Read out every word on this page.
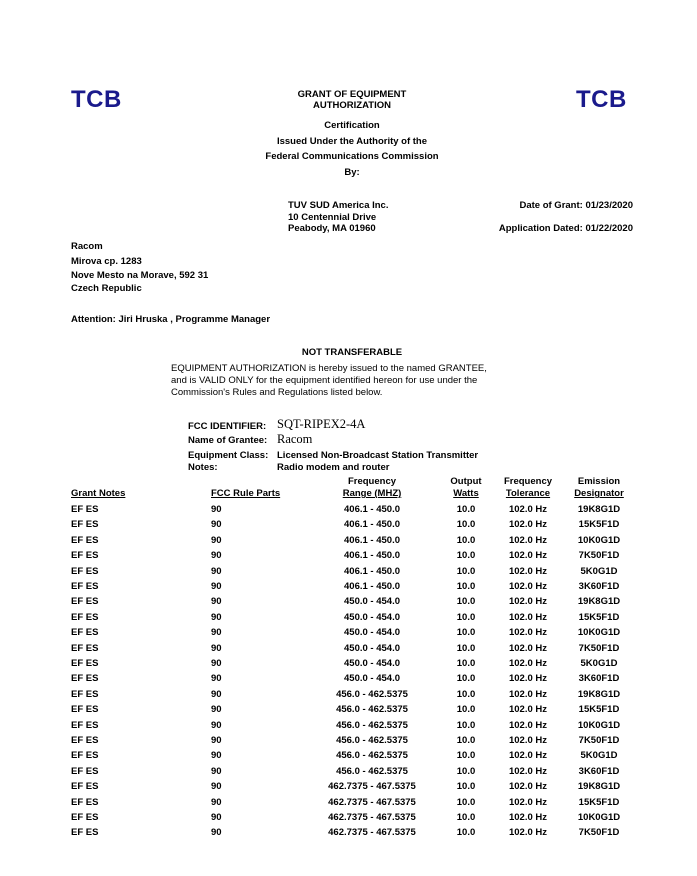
TCB	TCB
GRANT OF EQUIPMENT
AUTHORIZATION
Certification
Issued Under the Authority of the
Federal Communications Commission
By:
TUV SUD America Inc.
10 Centennial Drive
Peabody, MA 01960
Date of Grant: 01/23/2020
Application Dated: 01/22/2020
Racom
Mirova cp. 1283
Nove Mesto na Morave, 592 31
Czech Republic
Attention: Jiri Hruska , Programme Manager
NOT TRANSFERABLE
EQUIPMENT AUTHORIZATION is hereby issued to the named GRANTEE,
and is VALID ONLY for the equipment identified hereon for use under the
Commission's Rules and Regulations listed below.
FCC IDENTIFIER: SQT-RIPEX2-4A
Name of Grantee: Racom
Equipment Class: Licensed Non-Broadcast Station Transmitter
Notes:	Radio modem and router
Grant Notes	FCC Rule Parts
Frequency
Range (MHZ)
Output
Watts
Frequency
Tolerance
Emission
Designator
EF ES	90	406.1 - 450.0	10.0	102.0 Hz	19K8G1D
EF ES	90	406.1 - 450.0	10.0	102.0 Hz	15K5F1D
EF ES	90	406.1 - 450.0	10.0	102.0 Hz	10K0G1D
EF ES	90	406.1 - 450.0	10.0	102.0 Hz	7K50F1D
EF ES	90	406.1 - 450.0	10.0	102.0 Hz	5K0G1D
EF ES	90	406.1 - 450.0	10.0	102.0 Hz	3K60F1D
EF ES	90	450.0 - 454.0	10.0	102.0 Hz	19K8G1D
EF ES	90	450.0 - 454.0	10.0	102.0 Hz	15K5F1D
EF ES	90	450.0 - 454.0	10.0	102.0 Hz	10K0G1D
EF ES	90	450.0 - 454.0	10.0	102.0 Hz	7K50F1D
EF ES	90	450.0 - 454.0	10.0	102.0 Hz	5K0G1D
EF ES	90	450.0 - 454.0	10.0	102.0 Hz	3K60F1D
EF ES	90	456.0 - 462.5375	10.0	102.0 Hz	19K8G1D
EF ES	90	456.0 - 462.5375	10.0	102.0 Hz	15K5F1D
EF ES	90	456.0 - 462.5375	10.0	102.0 Hz	10K0G1D
EF ES	90	456.0 - 462.5375	10.0	102.0 Hz	7K50F1D
EF ES	90	456.0 - 462.5375	10.0	102.0 Hz	5K0G1D
EF ES	90	456.0 - 462.5375	10.0	102.0 Hz	3K60F1D
EF ES	90	462.7375 - 467.5375	10.0	102.0 Hz	19K8G1D
EF ES	90	462.7375 - 467.5375	10.0	102.0 Hz	15K5F1D
EF ES	90	462.7375 - 467.5375	10.0	102.0 Hz	10K0G1D
EF ES	90	462.7375 - 467.5375	10.0	102.0 Hz	7K50F1D
